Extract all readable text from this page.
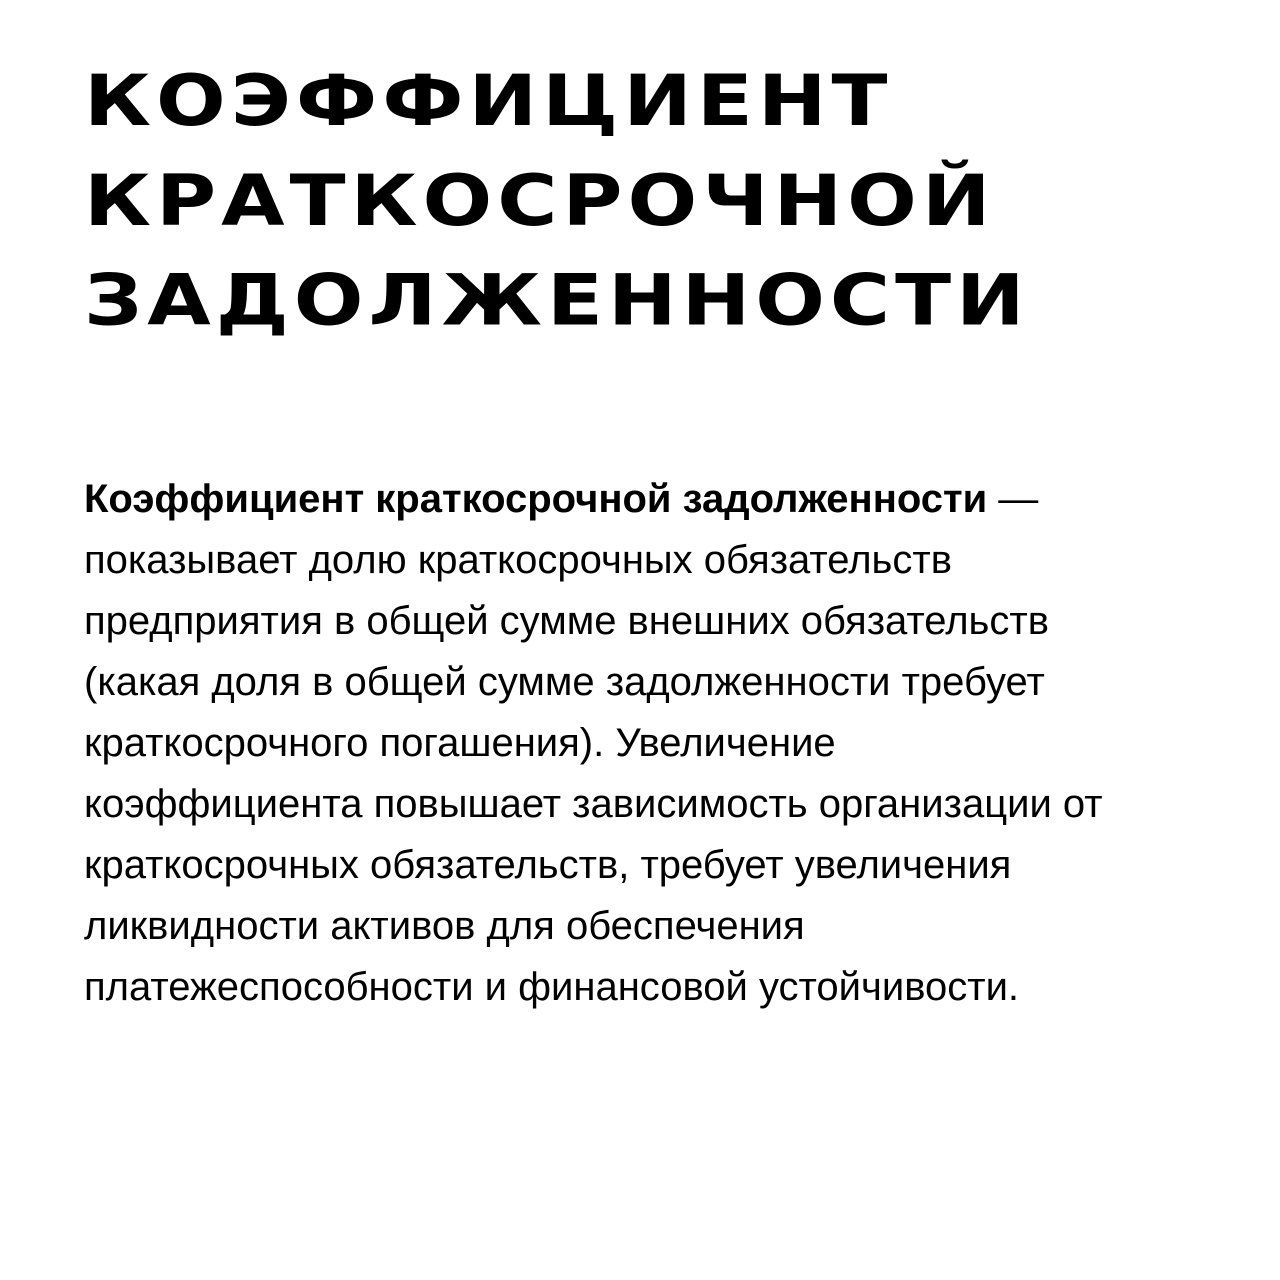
КОЭФФИЦИЕНТ
КРАТКОСРОЧНОЙ
ЗАДОЛЖЕННОСТИ

Коэффициент краткосрочной задолженности —
показывает долю краткосрочных обязательств
предприятия в общей сумме внешних обязательств
(какая доля в общей сумме задолженности требует
краткосрочного погашения). Увеличение
коэффициента повышает зависимость организации от
краткосрочных обязательств, требует увеличения
ликвидности активов для обеспечения
платежеспособности и финансовой устойчивости.
